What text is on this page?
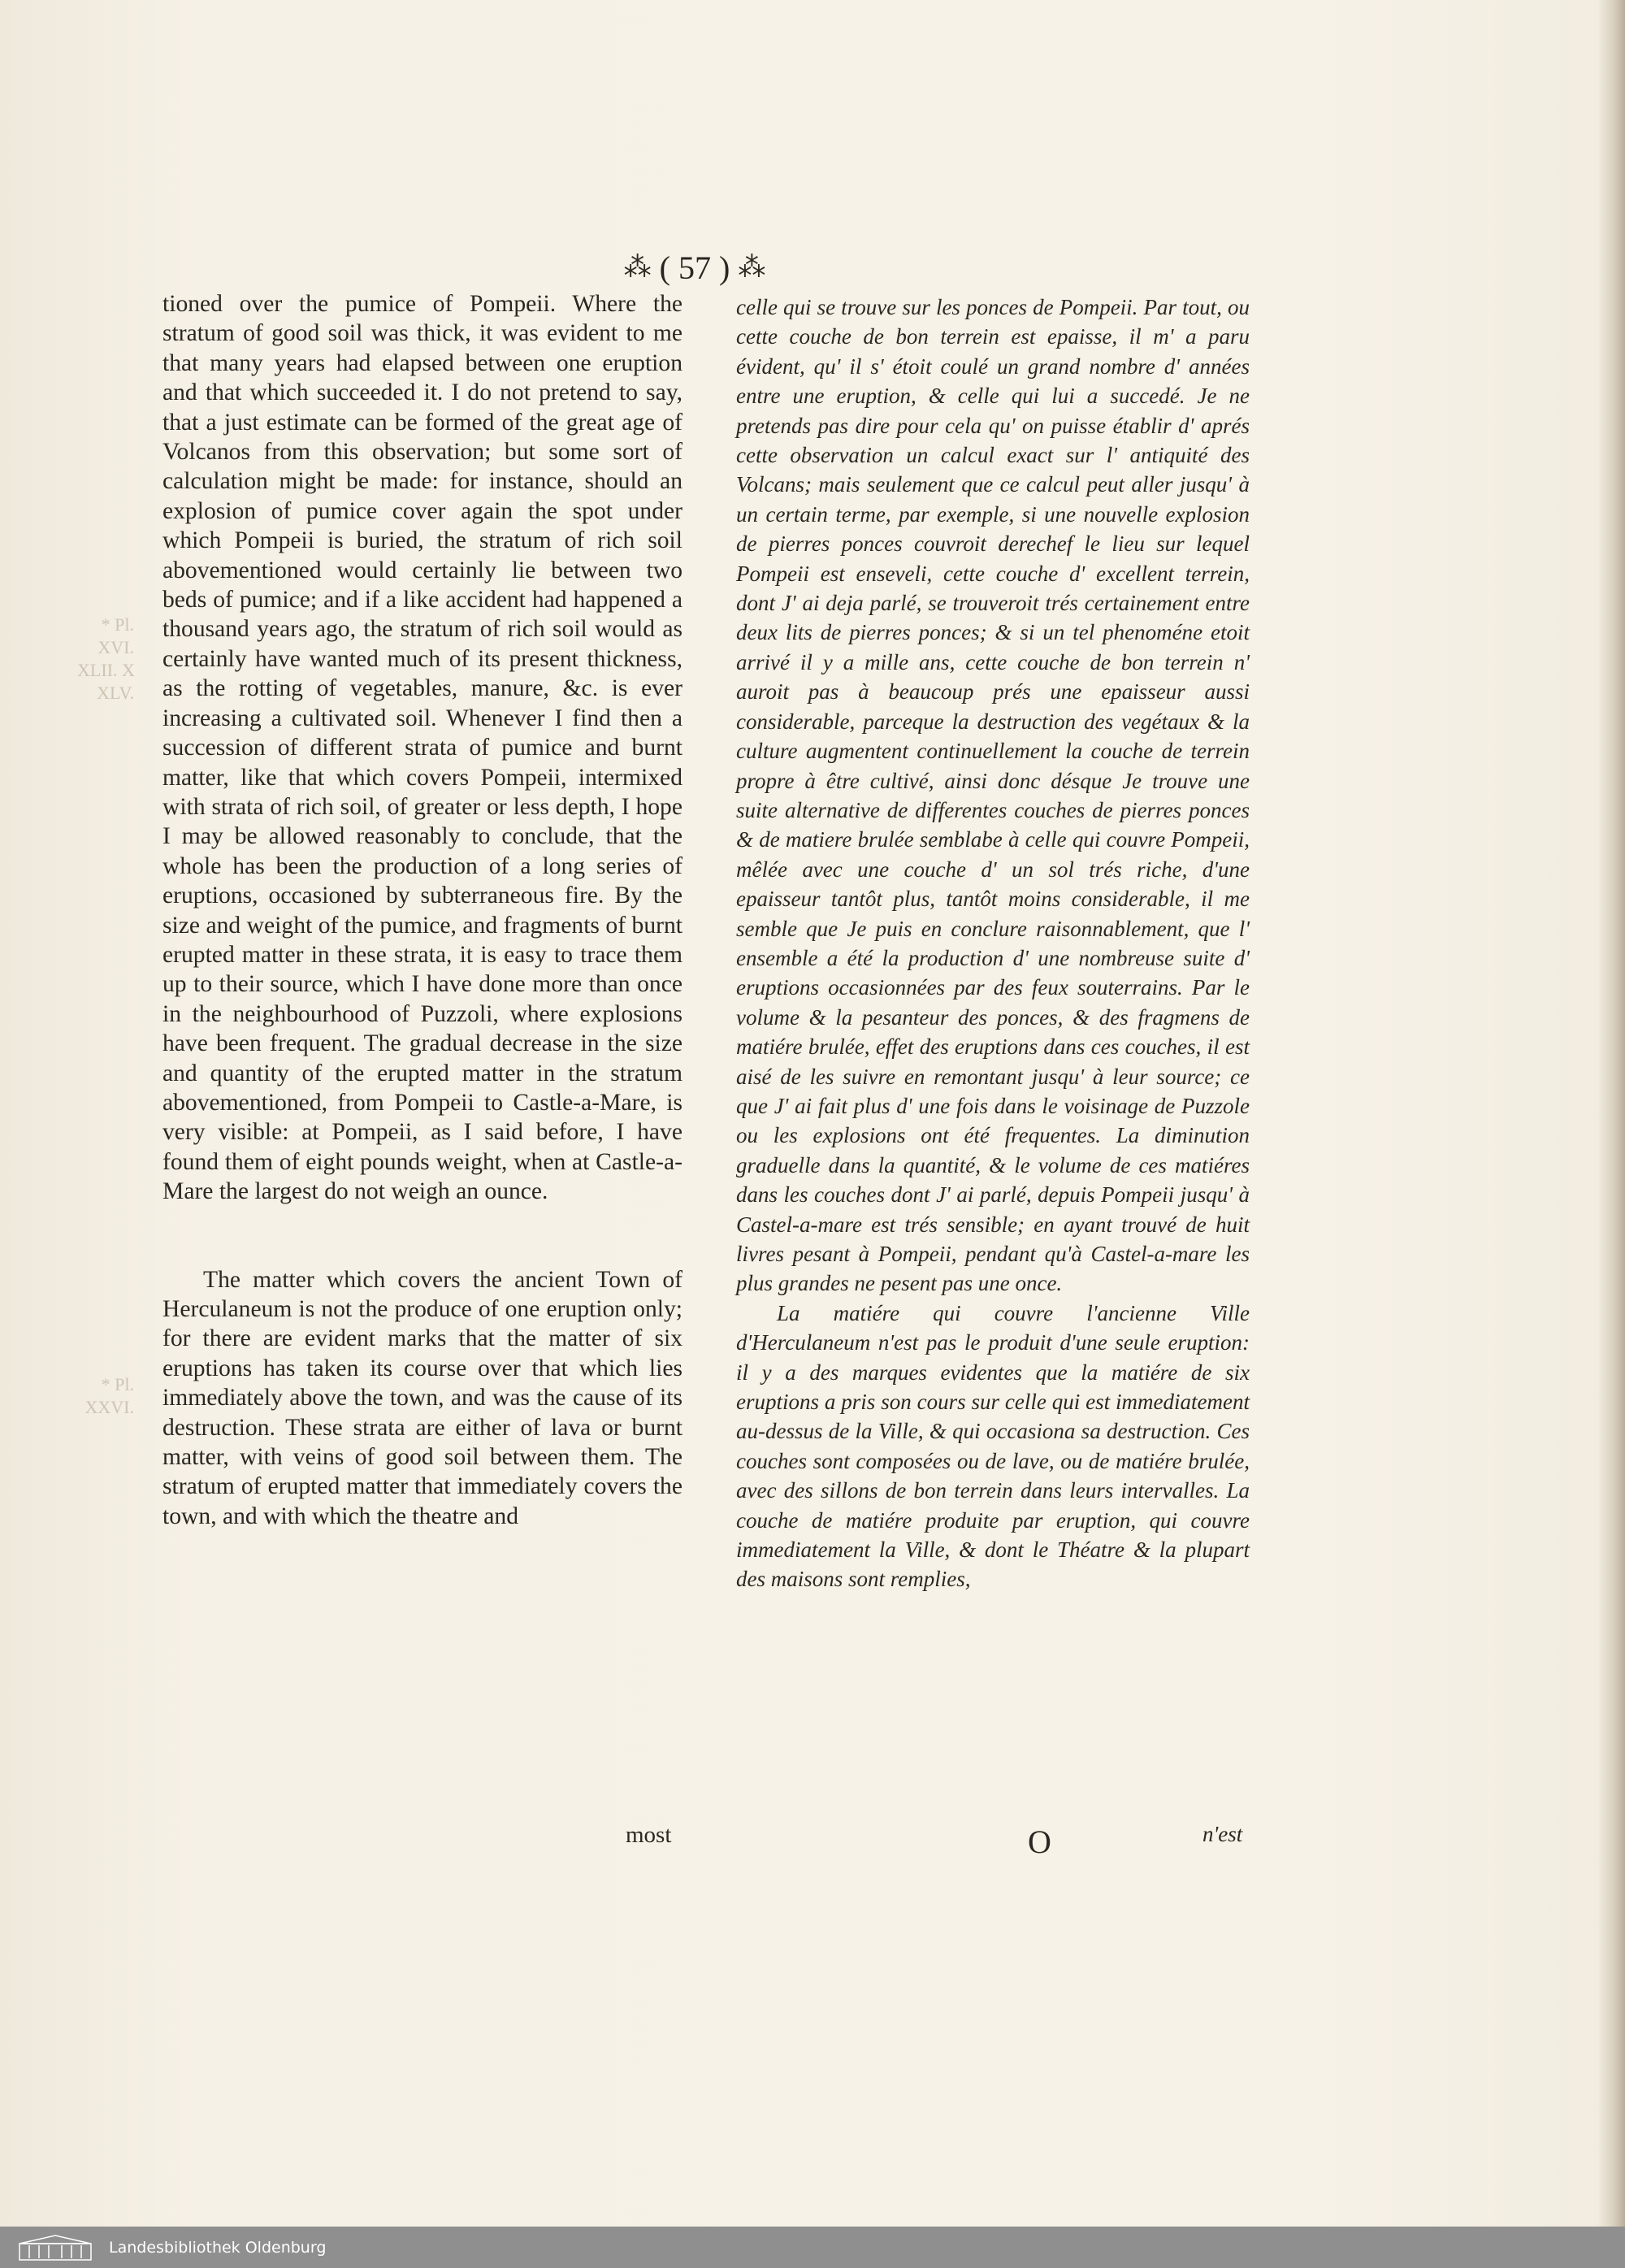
* Pl.
XVI.
XLII. X
XLV.
* Pl.
XXVI.
⁂ ( 57 ) ⁂

tioned over the pumice of Pompeii. Where the stratum of good soil was thick, it was evident to me that many years had elapsed between one eruption and that which succeeded it. I do not pretend to say, that a just estimate can be formed of the great age of Volcanos from this observation; but some sort of calculation might be made: for instance, should an explosion of pumice cover again the spot under which Pompeii is buried, the stratum of rich soil abovementioned would certainly lie between two beds of pumice; and if a like accident had happened a thousand years ago, the stratum of rich soil would as certainly have wanted much of its present thickness, as the rotting of vegetables, manure, &c. is ever increasing a cultivated soil. Whenever I find then a succession of different strata of pumice and burnt matter, like that which covers Pompeii, intermixed with strata of rich soil, of greater or less depth, I hope I may be allowed reasonably to conclude, that the whole has been the production of a long series of eruptions, occasioned by subterraneous fire. By the size and weight of the pumice, and fragments of burnt erupted matter in these strata, it is easy to trace them up to their source, which I have done more than once in the neighbourhood of Puzzoli, where explosions have been frequent. The gradual decrease in the size and quantity of the erupted matter in the stratum abovementioned, from Pompeii to Castle-a-Mare, is very visible: at Pompeii, as I said before, I have found them of eight pounds weight, when at Castle-a-Mare the largest do not weigh an ounce.

The matter which covers the ancient Town of Herculaneum is not the produce of one eruption only; for there are evident marks that the matter of six eruptions has taken its course over that which lies immediately above the town, and was the cause of its destruction. These strata are either of lava or burnt matter, with veins of good soil between them. The stratum of erupted matter that immediately covers the town, and with which the theatre and

celle qui se trouve sur les ponces de Pompeii. Par tout, ou cette couche de bon terrein est epaisse, il m' a paru évident, qu' il s' étoit coulé un grand nombre d' années entre une eruption, & celle qui lui a succedé. Je ne pretends pas dire pour cela qu' on puisse établir d' aprés cette observation un calcul exact sur l' antiquité des Volcans; mais seulement que ce calcul peut aller jusqu' à un certain terme, par exemple, si une nouvelle explosion de pierres ponces couvroit derechef le lieu sur lequel Pompeii est enseveli, cette couche d' excellent terrein, dont J' ai deja parlé, se trouveroit trés certainement entre deux lits de pierres ponces; & si un tel phenoméne etoit arrivé il y a mille ans, cette couche de bon terrein n' auroit pas à beaucoup prés une epaisseur aussi considerable, parceque la destruction des vegétaux & la culture augmentent continuellement la couche de terrein propre à être cultivé, ainsi donc désque Je trouve une suite alternative de differentes couches de pierres ponces & de matiere brulée semblabe à celle qui couvre Pompeii, mêlée avec une couche d' un sol trés riche, d'une epaisseur tantôt plus, tantôt moins considerable, il me semble que Je puis en conclure raisonnablement, que l' ensemble a été la production d' une nombreuse suite d' eruptions occasionnées par des feux souterrains. Par le volume & la pesanteur des ponces, & des fragmens de matiére brulée, effet des eruptions dans ces couches, il est aisé de les suivre en remontant jusqu' à leur source; ce que J' ai fait plus d' une fois dans le voisinage de Puzzole ou les explosions ont été frequentes. La diminution graduelle dans la quantité, & le volume de ces matiéres dans les couches dont J' ai parlé, depuis Pompeii jusqu' à Castel-a-mare est trés sensible; en ayant trouvé de huit livres pesant à Pompeii, pendant qu'à Castel-a-mare les plus grandes ne pesent pas une once.

La matiére qui couvre l'ancienne Ville d'Herculaneum n'est pas le produit d'une seule eruption: il y a des marques evidentes que la matiére de six eruptions a pris son cours sur celle qui est immediatement au-dessus de la Ville, & qui occasiona sa destruction. Ces couches sont composées ou de lave, ou de matiére brulée, avec des sillons de bon terrein dans leurs intervalles. La couche de matiére produite par eruption, qui couvre immediatement la Ville, & dont le Théatre & la plupart des maisons sont remplies,

most	O	n'est
Landesbibliothek Oldenburg
